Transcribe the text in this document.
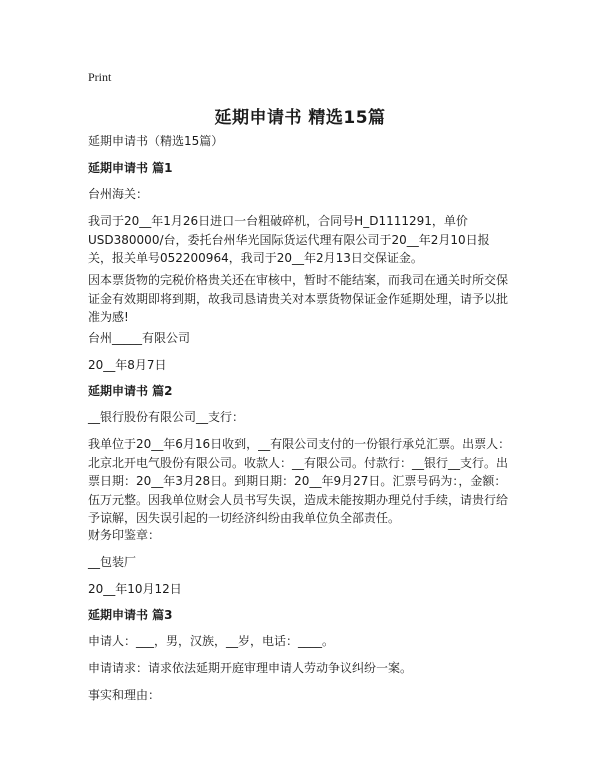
Print
延期申请书 精选15篇
延期申请书（精选15篇）
延期申请书 篇1
台州海关：
我司于20__年1月26日进口一台粗破碎机，合同号H_D1111291，单价USD380000/台，委托台州华光国际货运代理有限公司于20__年2月10日报关，报关单号052200964，我司于20__年2月13日交保证金。
因本票货物的完税价格贵关还在审核中，暂时不能结案，而我司在通关时所交保证金有效期即将到期，故我司恳请贵关对本票货物保证金作延期处理，请予以批准为感!
台州_____有限公司
20__年8月7日
延期申请书 篇2
__银行股份有限公司__支行：
我单位于20__年6月16日收到，__有限公司支付的一份银行承兑汇票。出票人：北京北开电气股份有限公司。收款人：__有限公司。付款行：__银行__支行。出票日期：20__年3月28日。到期日期：20__年9月27日。汇票号码为：，金额：伍万元整。因我单位财会人员书写失误，造成未能按期办理兑付手续，请贵行给予谅解，因失误引起的一切经济纠纷由我单位负全部责任。
财务印鉴章：
__包装厂
20__年10月12日
延期申请书 篇3
申请人：___，男，汉族，__岁，电话：____。
申请请求：请求依法延期开庭审理申请人劳动争议纠纷一案。
事实和理由：
